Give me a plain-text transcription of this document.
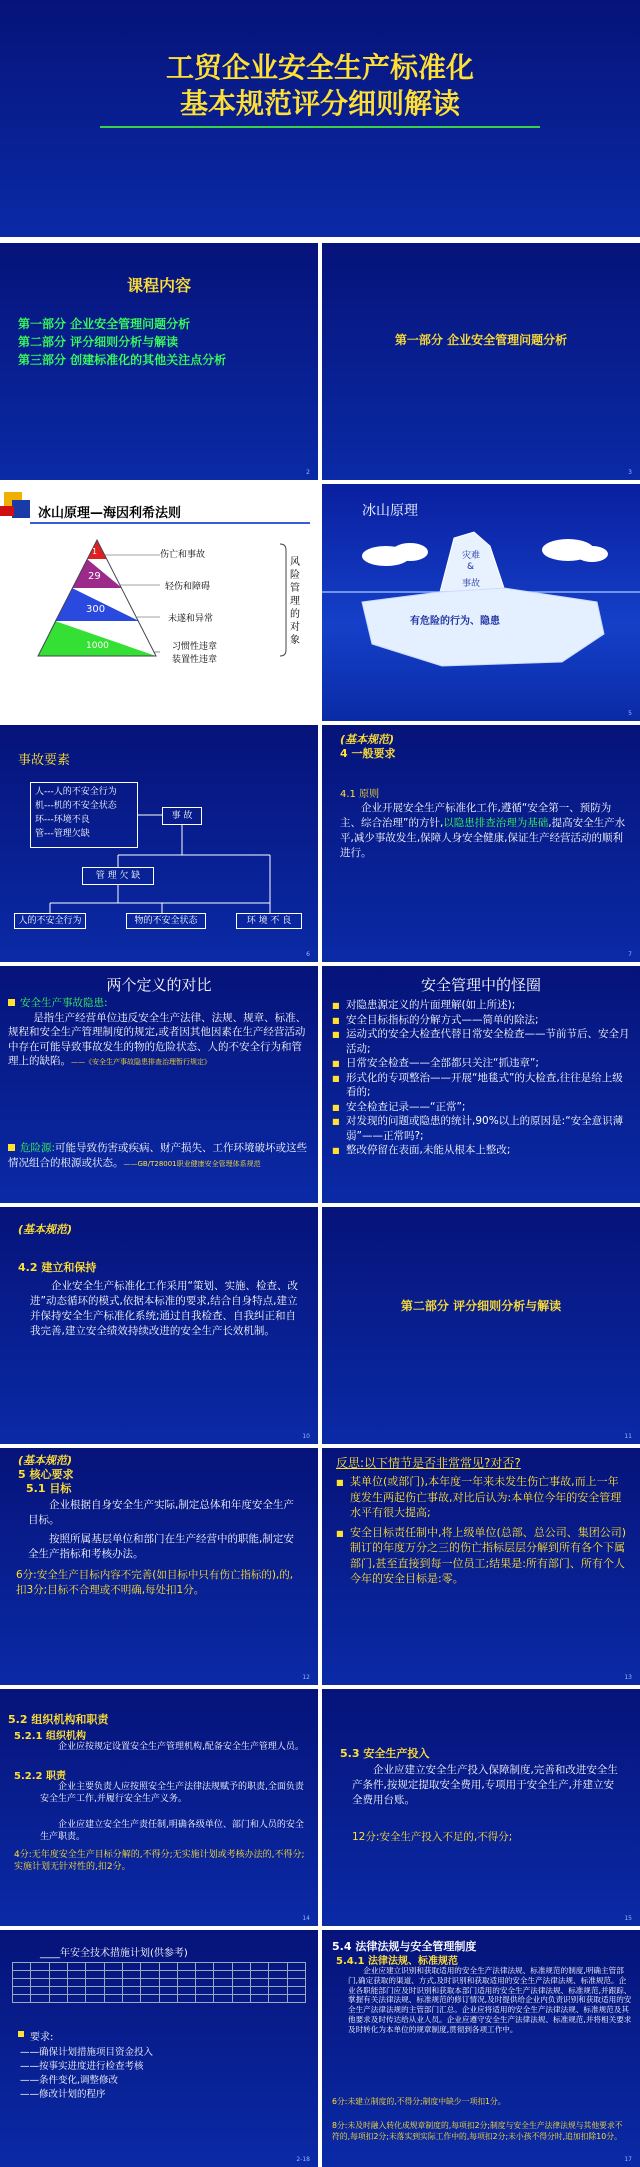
工贸企业安全生产标准化
基本规范评分细则解读
课程内容
第一部分 企业安全管理问题分析
第二部分 评分细则分析与解读
第三部分 创建标准化的其他关注点分析
2
第一部分 企业安全管理问题分析
3
冰山原理—海因利希法则
1
29
300
1000
伤亡和事故
轻伤和障碍
未遂和异常
习惯性违章
装置性违章
风险管理的对象
冰山原理
灾难
&
事故
有危险的行为、隐患
5
事故要素
人---人的不安全行为
机---机的不安全状态
环---环境不良
管---管理欠缺
事 故
管 理 欠 缺
人的不安全行为	物的不安全状态	环 境 不 良
6
(基本规范)
4 一般要求
4.1 原则
企业开展安全生产标准化工作,遵循“安全第一、预防为主、综合治理”的方针,以隐患排查治理为基础,提高安全生产水平,减少事故发生,保障人身安全健康,保证生产经营活动的顺利进行。
7
两个定义的对比
安全生产事故隐患:
是指生产经营单位违反安全生产法律、法规、规章、标准、规程和安全生产管理制度的规定,或者因其他因素在生产经营活动中存在可能导致事故发生的物的危险状态、人的不安全行为和管理上的缺陷。——《安全生产事故隐患排查治理暂行规定》
危险源:可能导致伤害或疾病、财产损失、工作环境破坏或这些情况组合的根源或状态。——GB/T28001职业健康安全管理体系规范
安全管理中的怪圈
■ 对隐患源定义的片面理解(如上所述);
■ 安全目标指标的分解方式——简单的除法;
■ 运动式的安全大检查代替日常安全检查——节前节后、安全月活动;
■ 日常安全检查——全部都只关注“抓违章”;
■ 形式化的专项整治——开展“地毯式”的大检查,往往是给上级看的;
■ 安全检查记录——“正常”;
■ 对发现的问题或隐患的统计,90%以上的原因是:“安全意识薄弱”——正常吗?;
■ 整改停留在表面,未能从根本上整改;
(基本规范)
4.2 建立和保持
企业安全生产标准化工作采用“策划、实施、检查、改进”动态循环的模式,依据本标准的要求,结合自身特点,建立并保持安全生产标准化系统;通过自我检查、自我纠正和自我完善,建立安全绩效持续改进的安全生产长效机制。
10
第二部分 评分细则分析与解读
11
(基本规范)
5 核心要求
5.1 目标
企业根据自身安全生产实际,制定总体和年度安全生产目标。
按照所属基层单位和部门在生产经营中的职能,制定安全生产指标和考核办法。
6分:安全生产目标内容不完善(如目标中只有伤亡指标的),的,扣3分;目标不合理或不明确,每处扣1分。
12
反思:以下情节是否非常常见?对否?
■ 某单位(或部门),本年度一年来未发生伤亡事故,而上一年度发生两起伤亡事故,对比后认为:本单位今年的安全管理水平有很大提高;
■ 安全目标责任制中,将上级单位(总部、总公司、集团公司)制订的年度万分之三的伤亡指标层层分解到所有各个下属部门,甚至直接到每一位员工;结果是:所有部门、所有个人今年的安全目标是:零。
13
5.2 组织机构和职责
5.2.1 组织机构
企业应按规定设置安全生产管理机构,配备安全生产管理人员。
5.2.2 职责
企业主要负责人应按照安全生产法律法规赋予的职责,全面负责安全生产工作,并履行安全生产义务。
企业应建立安全生产责任制,明确各级单位、部门和人员的安全生产职责。
4分:无年度安全生产目标分解的,不得分;无实施计划或考核办法的,不得分;实施计划无针对性的,扣2分。
14
5.3 安全生产投入
企业应建立安全生产投入保障制度,完善和改进安全生产条件,按规定提取安全费用,专项用于安全生产,并建立安全费用台账。
12分:安全生产投入不足的,不得分;
15
____年安全技术措施计划(供参考)

要求:
——确保计划措施项目资金投入
——按事实进度进行检查考核
——条件变化,调整修改
——修改计划的程序
2-18
5.4 法律法规与安全管理制度
5.4.1 法律法规、标准规范
企业应建立识别和获取适用的安全生产法律法规、标准规范的制度,明确主管部门,确定获取的渠道、方式,及时识别和获取适用的安全生产法律法规、标准规范。企业各职能部门应及时识别和获取本部门适用的安全生产法律法规、标准规范,并跟踪、掌握有关法律法规、标准规范的修订情况,及时提供给企业内负责识别和获取适用的安全生产法律法规的主管部门汇总。企业应将适用的安全生产法律法规、标准规范及其他要求及时传达给从业人员。企业应遵守安全生产法律法规、标准规范,并将相关要求及时转化为本单位的规章制度,贯彻到各项工作中。
6分:未建立制度的,不得分;制度中缺少一项扣1分。
8分:未及时融入转化成规章制度的,每项扣2分;制度与安全生产法律法规与其他要求不符的,每项扣2分;未落实到实际工作中的,每项扣2分;未小孩不得分时,追加扣除10分。
17
